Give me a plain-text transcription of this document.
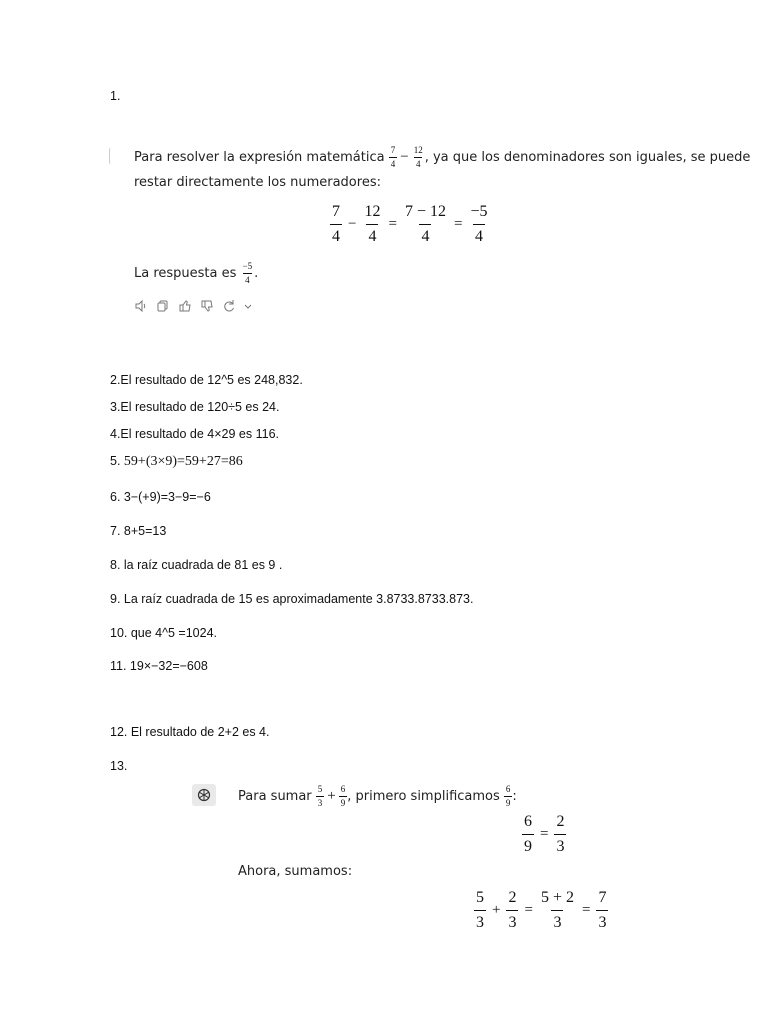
1.
Para resolver la expresión matemática $\frac{7}{4} - \frac{12}{4}$ , ya que los denominadores son iguales, se puede
restar directamente los numeradores:
$\frac{7}{4} - \frac{12}{4} = \frac{7 - 12}{4} = \frac{-5}{4}$
La respuesta es $\frac{-5}{4}$ .
2.El resultado de 12^5 es 248,832.
3.El resultado de 120÷5 es 24.
4.El resultado de 4×29 es 116.
5. 59+(3×9)=59+27=86
6. 3−(+9)=3−9=−6
7. 8+5=13
8. la raíz cuadrada de 81 es 9 .
9. La raíz cuadrada de 15 es aproximadamente 3.8733.8733.873.
10. que 4^5 =1024.
11. 19×−32=−608
12. El resultado de 2+2 es 4.
13.
Para sumar $\frac{5}{3} + \frac{6}{9}$ , primero simplificamos $\frac{6}{9}$ :
$\frac{6}{9} = \frac{2}{3}$
Ahora, sumamos:
$\frac{5}{3} + \frac{2}{3} = \frac{5 + 2}{3} = \frac{7}{3}$
